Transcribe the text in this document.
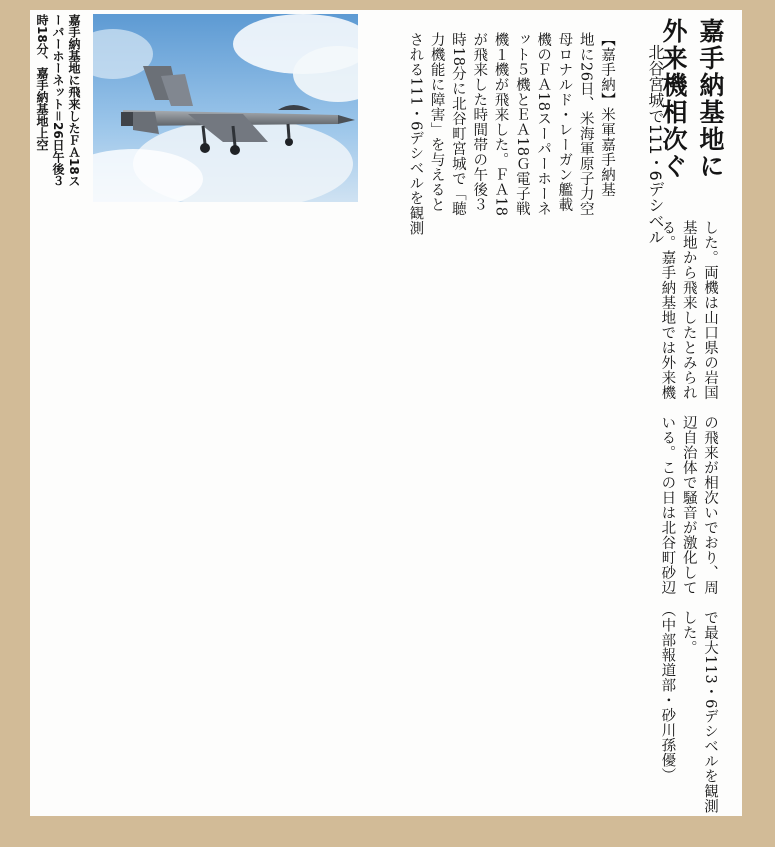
嘉手納基地に
外来機相次ぐ
北谷宮城で111・6デシベル
【嘉手納】米軍嘉手納基
地に26日、米海軍原子力空
母ロナルド・レーガン艦載
機のＦＡ18スーパーホーネ
ット５機とＥＡ18Ｇ電子戦
機１機が飛来した。ＦＡ18
が飛来した時間帯の午後３
時18分に北谷町宮城で「聴
力機能に障害」を与えると
される111・6デシベルを観測
嘉手納基地に飛来したＦＡ18ス
ーパーホーネット＝26日午後３
時18分、嘉手納基地上空
した。両機は山口県の岩国　の飛来が相次いでおり、周　で最大113・6デシベルを観測
基地から飛来したとみられ　辺自治体で騒音が激化して　した。
る。嘉手納基地では外来機　いる。この日は北谷町砂辺　（中部報道部・砂川孫優）
